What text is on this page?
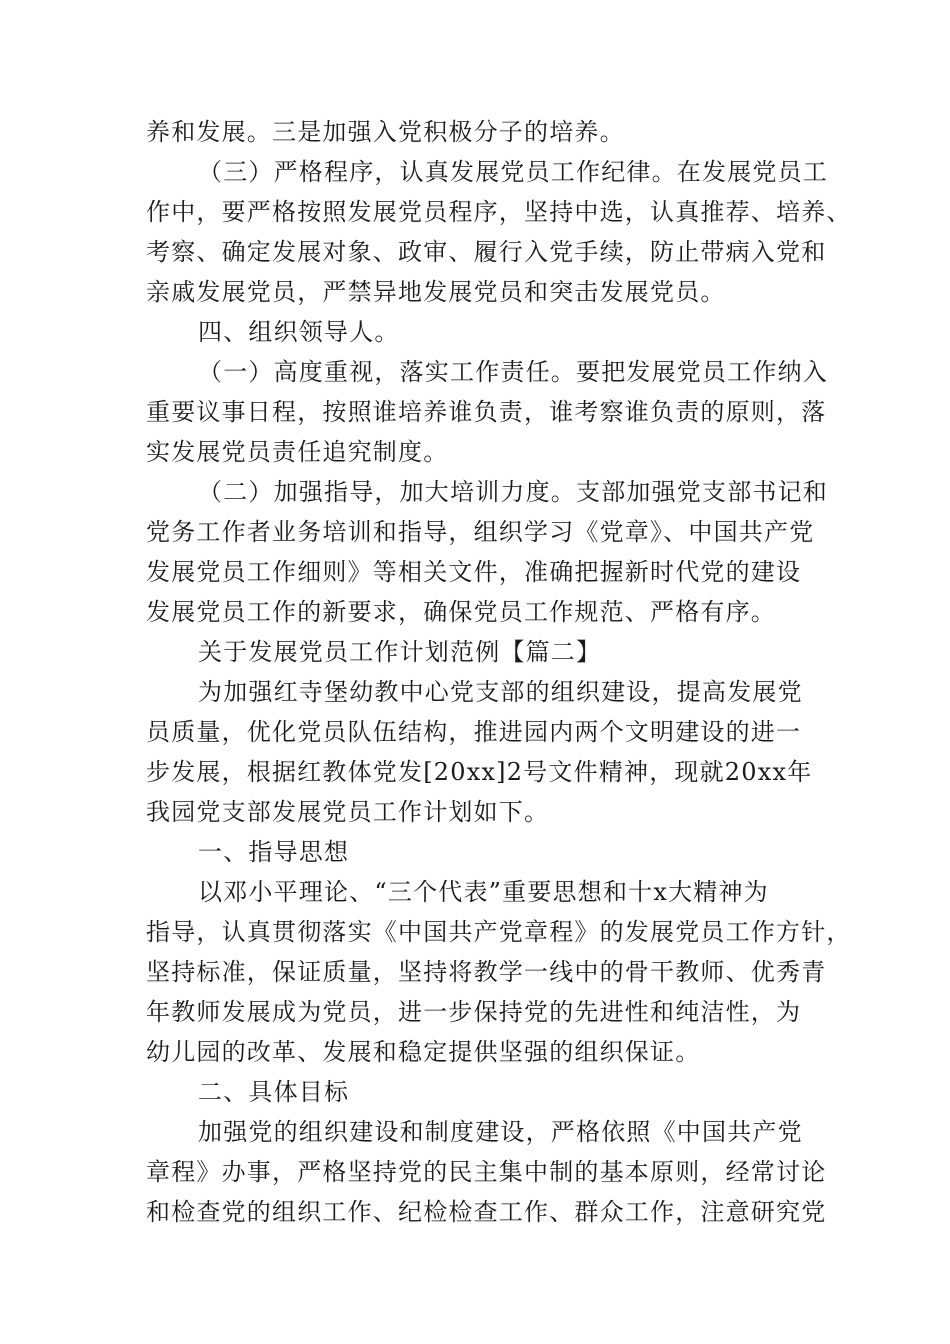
养和发展。三是加强入党积极分子的培养。
（三）严格程序，认真发展党员工作纪律。在发展党员工
作中，要严格按照发展党员程序，坚持中选，认真推荐、培养、
考察、确定发展对象、政审、履行入党手续，防止带病入党和
亲戚发展党员，严禁异地发展党员和突击发展党员。
四、组织领导人。
（一）高度重视，落实工作责任。要把发展党员工作纳入
重要议事日程，按照谁培养谁负责，谁考察谁负责的原则，落
实发展党员责任追究制度。
（二）加强指导，加大培训力度。支部加强党支部书记和
党务工作者业务培训和指导，组织学习《党章》、中国共产党
发展党员工作细则》等相关文件，准确把握新时代党的建设
发展党员工作的新要求，确保党员工作规范、严格有序。
关于发展党员工作计划范例【篇二】
为加强红寺堡幼教中心党支部的组织建设，提高发展党
员质量，优化党员队伍结构，推进园内两个文明建设的进一
步发展，根据红教体党发[20xx]2号文件精神，现就20xx年
我园党支部发展党员工作计划如下。
一、指导思想
以邓小平理论、“三个代表”重要思想和十x大精神为
指导，认真贯彻落实《中国共产党章程》的发展党员工作方针，
坚持标准，保证质量，坚持将教学一线中的骨干教师、优秀青
年教师发展成为党员，进一步保持党的先进性和纯洁性，为
幼儿园的改革、发展和稳定提供坚强的组织保证。
二、具体目标
加强党的组织建设和制度建设，严格依照《中国共产党
章程》办事，严格坚持党的民主集中制的基本原则，经常讨论
和检查党的组织工作、纪检检查工作、群众工作，注意研究党
